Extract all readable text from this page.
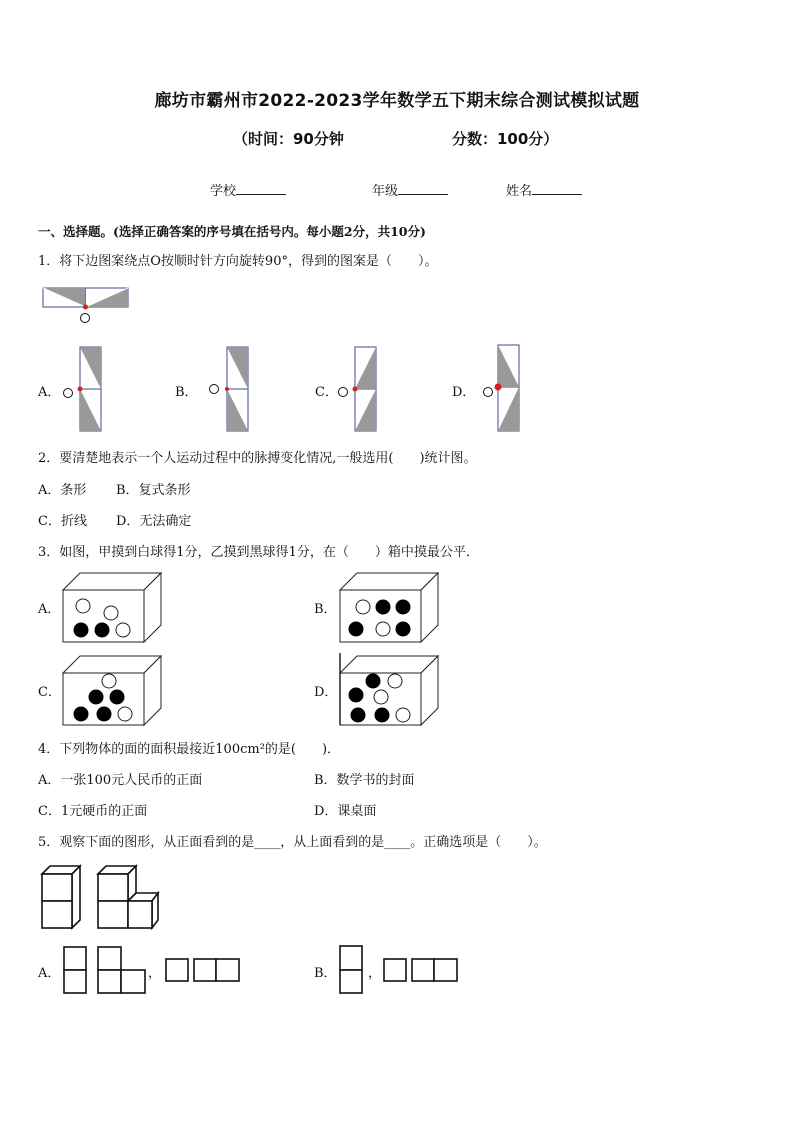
廊坊市霸州市2022-2023学年数学五下期末综合测试模拟试题
（时间：90分钟	分数：100分）
学校	年级	姓名
一、选择题。(选择正确答案的序号填在括号内。每小题2分，共10分)
1．将下边图案绕点O按顺时针方向旋转90°，得到的图案是（　　）。
A．	B．	C．	D．
2．要清楚地表示一个人运动过程中的脉搏变化情况,一般选用(　　)统计图。
A．条形 B．复式条形
C．折线 D．无法确定
3．如图，甲摸到白球得1分，乙摸到黑球得1分，在（　　）箱中摸最公平．
A．	B．
C．	D．
4．下列物体的面的面积最接近100cm²的是(　　)．
A．一张100元人民币的正面	B．数学书的封面
C．1元硬币的正面	D．课桌面
5．观察下面的图形，从正面看到的是____，从上面看到的是____。正确选项是（　　）。
A．	，	B． ，
